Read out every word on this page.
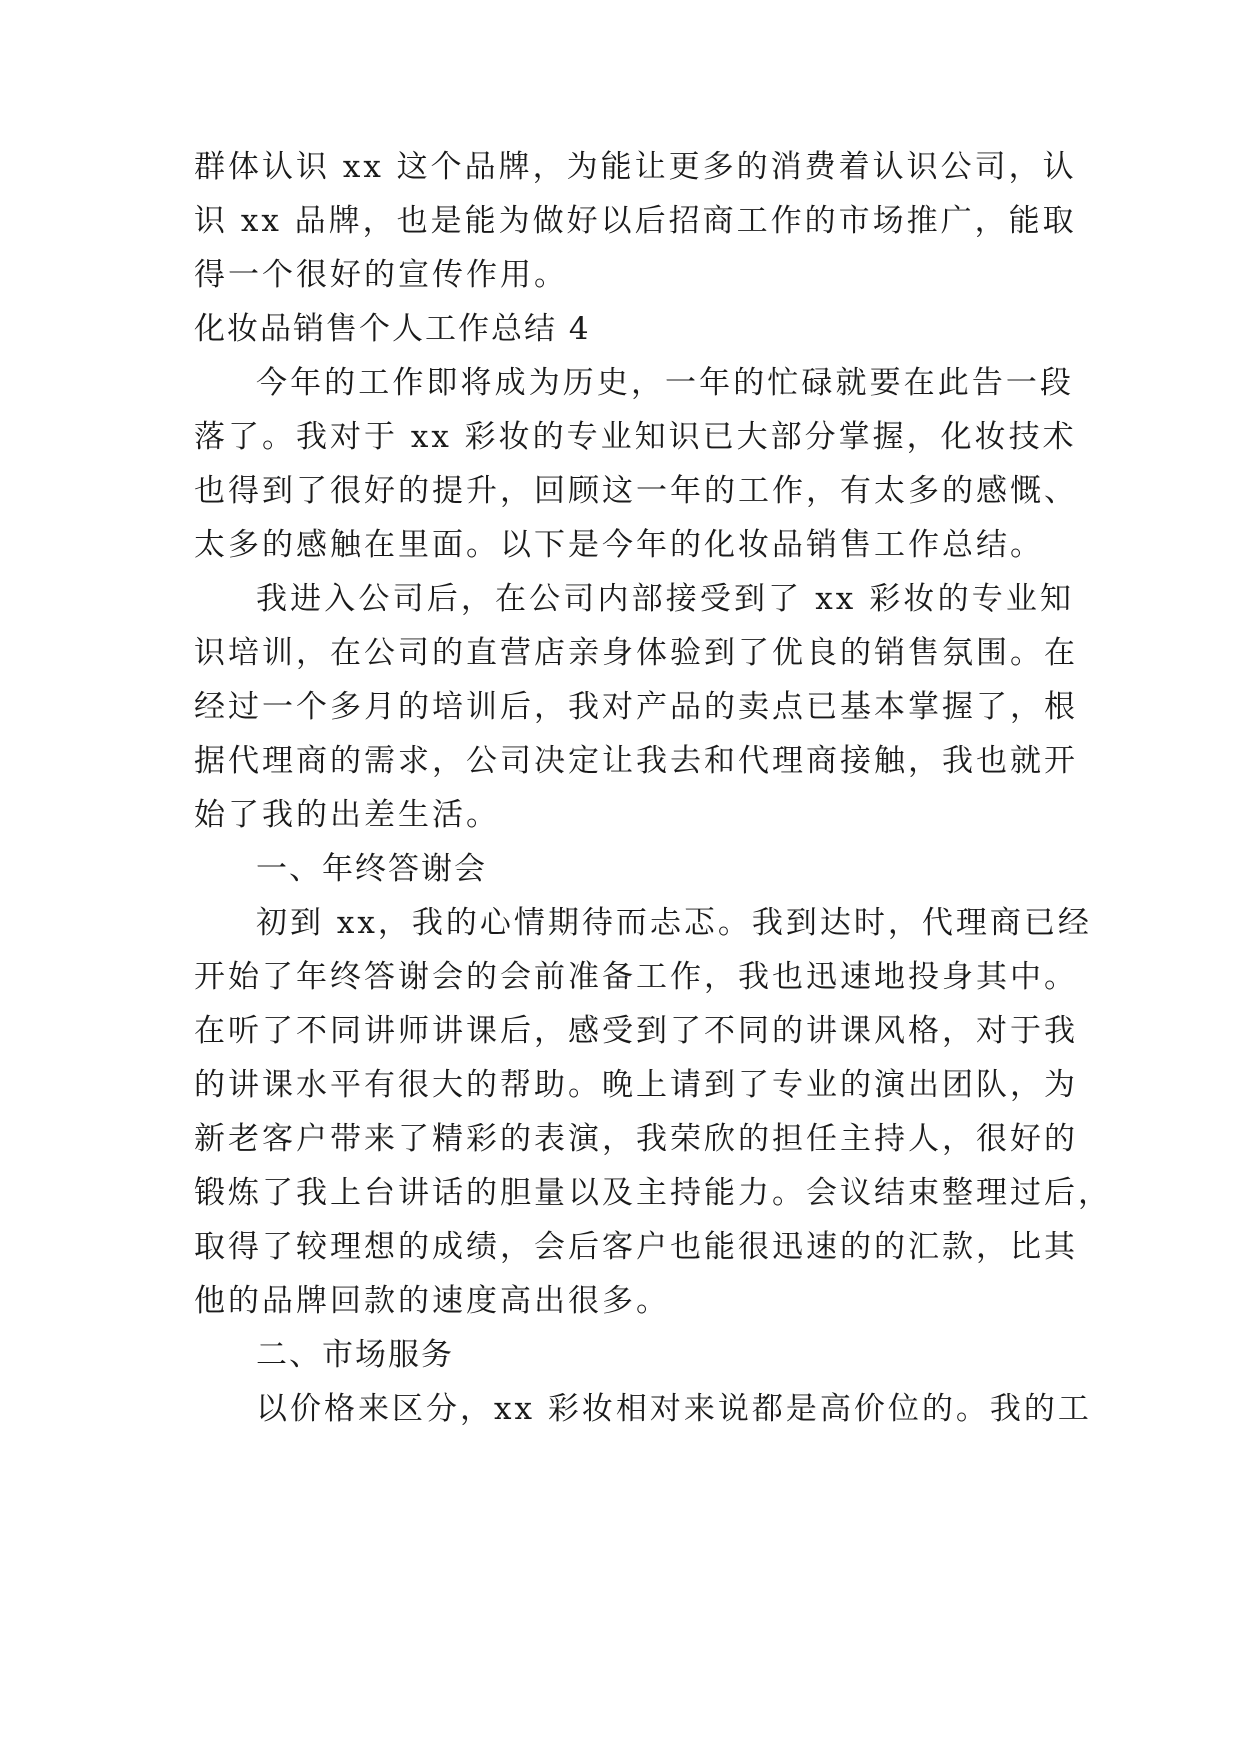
群体认识 xx 这个品牌，为能让更多的消费着认识公司，认
识 xx 品牌，也是能为做好以后招商工作的市场推广，能取
得一个很好的宣传作用。
化妆品销售个人工作总结 4
今年的工作即将成为历史，一年的忙碌就要在此告一段
落了。我对于 xx 彩妆的专业知识已大部分掌握，化妆技术
也得到了很好的提升，回顾这一年的工作，有太多的感慨、
太多的感触在里面。以下是今年的化妆品销售工作总结。
我进入公司后，在公司内部接受到了 xx 彩妆的专业知
识培训，在公司的直营店亲身体验到了优良的销售氛围。在
经过一个多月的培训后，我对产品的卖点已基本掌握了，根
据代理商的需求，公司决定让我去和代理商接触，我也就开
始了我的出差生活。
一、年终答谢会
初到 xx，我的心情期待而忐忑。我到达时，代理商已经
开始了年终答谢会的会前准备工作，我也迅速地投身其中。
在听了不同讲师讲课后，感受到了不同的讲课风格，对于我
的讲课水平有很大的帮助。晚上请到了专业的演出团队，为
新老客户带来了精彩的表演，我荣欣的担任主持人，很好的
锻炼了我上台讲话的胆量以及主持能力。会议结束整理过后，
取得了较理想的成绩，会后客户也能很迅速的的汇款，比其
他的品牌回款的速度高出很多。
二、市场服务
以价格来区分，xx 彩妆相对来说都是高价位的。我的工
